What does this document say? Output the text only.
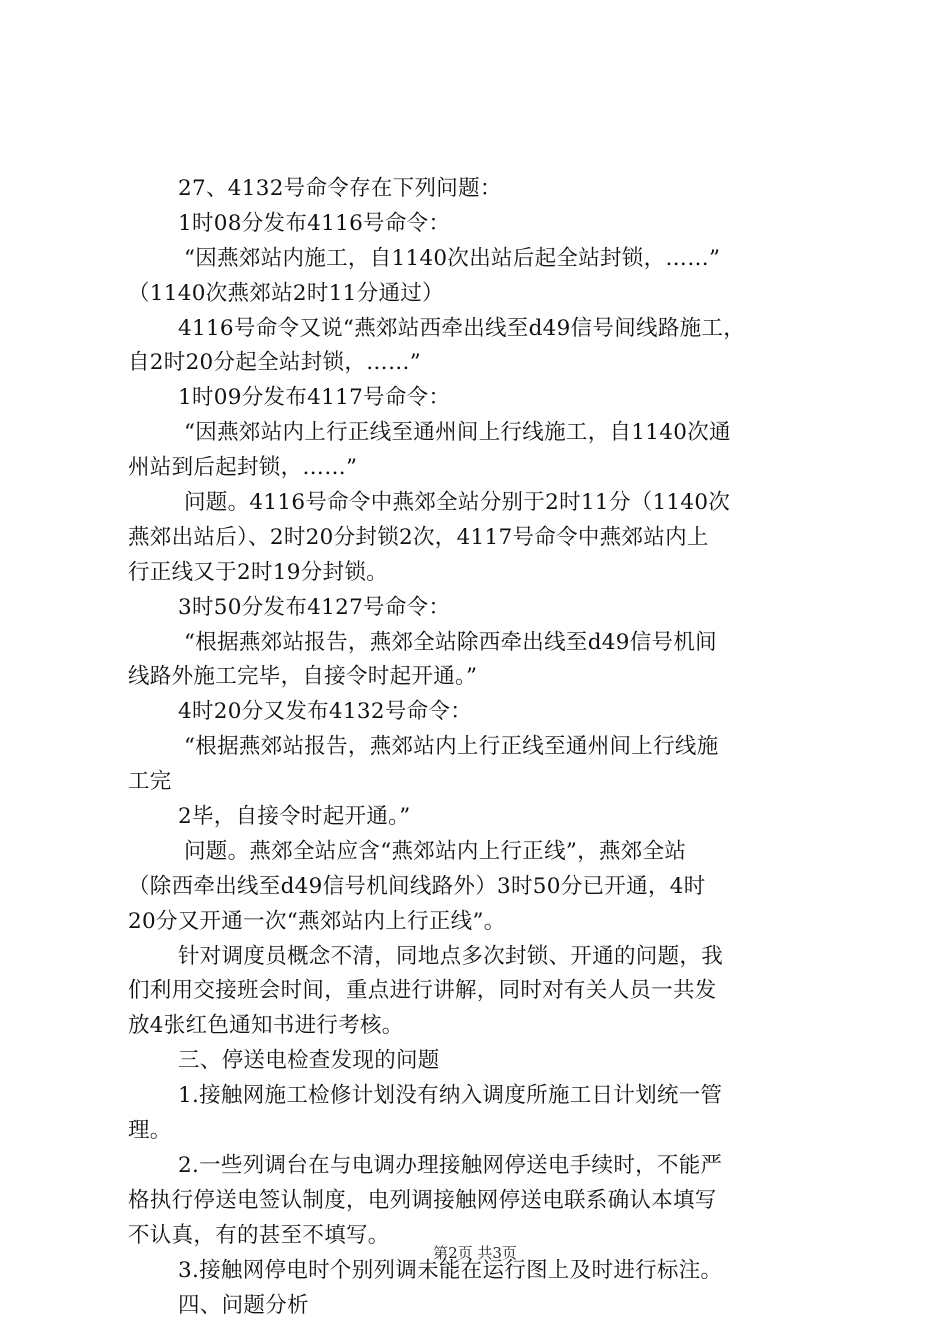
27、4132号命令存在下列问题：
1时08分发布4116号命令：
“因燕郊站内施工，自1140次出站后起全站封锁，……”
（1140次燕郊站2时11分通过）
4116号命令又说“燕郊站西牵出线至d49信号间线路施工，
自2时20分起全站封锁，……”
1时09分发布4117号命令：
“因燕郊站内上行正线至通州间上行线施工，自1140次通
州站到后起封锁，……”
问题。4116号命令中燕郊全站分别于2时11分（1140次
燕郊出站后）、2时20分封锁2次，4117号命令中燕郊站内上
行正线又于2时19分封锁。
3时50分发布4127号命令：
“根据燕郊站报告，燕郊全站除西牵出线至d49信号机间
线路外施工完毕，自接令时起开通。”
4时20分又发布4132号命令：
“根据燕郊站报告，燕郊站内上行正线至通州间上行线施
工完
2毕，自接令时起开通。”
问题。燕郊全站应含“燕郊站内上行正线”，燕郊全站
（除西牵出线至d49信号机间线路外）3时50分已开通，4时
20分又开通一次“燕郊站内上行正线”。
针对调度员概念不清，同地点多次封锁、开通的问题，我
们利用交接班会时间，重点进行讲解，同时对有关人员一共发
放4张红色通知书进行考核。
三、停送电检查发现的问题
1.接触网施工检修计划没有纳入调度所施工日计划统一管
理。
2.一些列调台在与电调办理接触网停送电手续时，不能严
格执行停送电签认制度，电列调接触网停送电联系确认本填写
不认真，有的甚至不填写。
3.接触网停电时个别列调未能在运行图上及时进行标注。
四、问题分析
第2页 共3页
